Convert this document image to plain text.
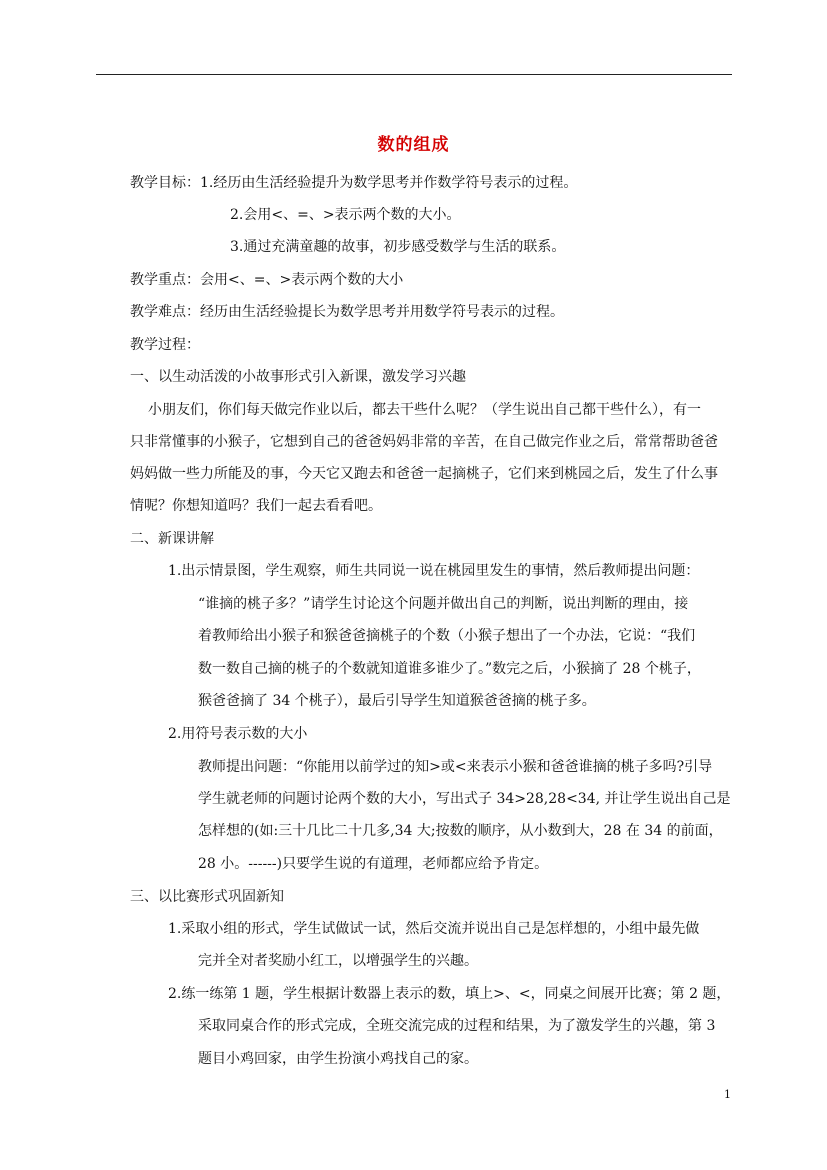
数的组成
教学目标：1.经历由生活经验提升为数学思考并作数学符号表示的过程。
2.会用<、=、>表示两个数的大小。
3.通过充满童趣的故事，初步感受数学与生活的联系。
教学重点：会用<、=、>表示两个数的大小
教学难点：经历由生活经验提长为数学思考并用数学符号表示的过程。
教学过程：
一、以生动活泼的小故事形式引入新课，激发学习兴趣
小朋友们，你们每天做完作业以后，都去干些什么呢？（学生说出自己都干些什么），有一
只非常懂事的小猴子，它想到自己的爸爸妈妈非常的辛苦，在自己做完作业之后，常常帮助爸爸
妈妈做一些力所能及的事，今天它又跑去和爸爸一起摘桃子，它们来到桃园之后，发生了什么事
情呢？你想知道吗？我们一起去看看吧。
二、新课讲解
1.出示情景图，学生观察，师生共同说一说在桃园里发生的事情，然后教师提出问题：
“谁摘的桃子多？”请学生讨论这个问题并做出自己的判断，说出判断的理由，接
着教师给出小猴子和猴爸爸摘桃子的个数（小猴子想出了一个办法，它说：“我们
数一数自己摘的桃子的个数就知道谁多谁少了。”数完之后，小猴摘了 28 个桃子，
猴爸爸摘了 34 个桃子），最后引导学生知道猴爸爸摘的桃子多。
2.用符号表示数的大小
教师提出问题：“你能用以前学过的知>或<来表示小猴和爸爸谁摘的桃子多吗?引导
学生就老师的问题讨论两个数的大小，写出式子 34>28,28<34, 并让学生说出自己是
怎样想的(如:三十几比二十几多,34 大;按数的顺序，从小数到大，28 在 34 的前面，
28 小。------)只要学生说的有道理，老师都应给予肯定。
三、以比赛形式巩固新知
1.采取小组的形式，学生试做试一试，然后交流并说出自己是怎样想的，小组中最先做
完并全对者奖励小红工，以增强学生的兴趣。
2.练一练第 1 题，学生根据计数器上表示的数，填上>、<，同桌之间展开比赛；第 2 题，
采取同桌合作的形式完成，全班交流完成的过程和结果，为了激发学生的兴趣，第 3
题目小鸡回家，由学生扮演小鸡找自己的家。
1
